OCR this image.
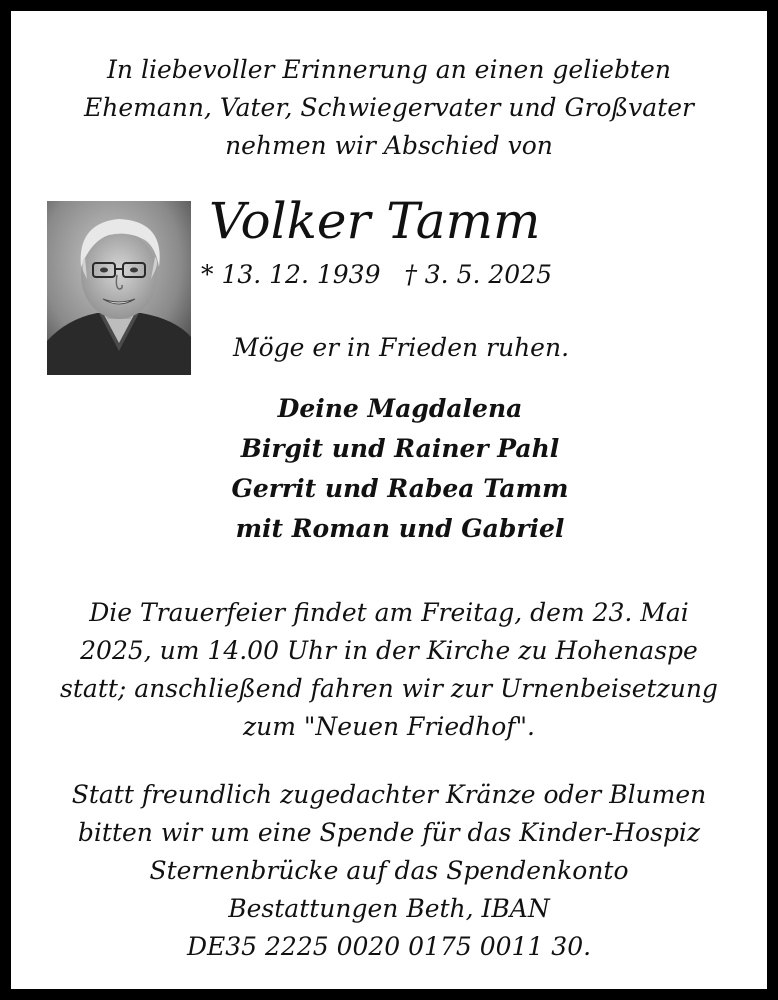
In liebevoller Erinnerung an einen geliebten
Ehemann, Vater, Schwiegervater und Großvater
nehmen wir Abschied von
Volker Tamm
* 13. 12. 1939 † 3. 5. 2025
Möge er in Frieden ruhen.
Deine Magdalena
Birgit und Rainer Pahl
Gerrit und Rabea Tamm
mit Roman und Gabriel
Die Trauerfeier findet am Freitag, dem 23. Mai
2025, um 14.00 Uhr in der Kirche zu Hohenaspe
statt; anschließend fahren wir zur Urnenbeisetzung
zum "Neuen Friedhof".
Statt freundlich zugedachter Kränze oder Blumen
bitten wir um eine Spende für das Kinder-Hospiz
Sternenbrücke auf das Spendenkonto
Bestattungen Beth, IBAN
DE35 2225 0020 0175 0011 30.
